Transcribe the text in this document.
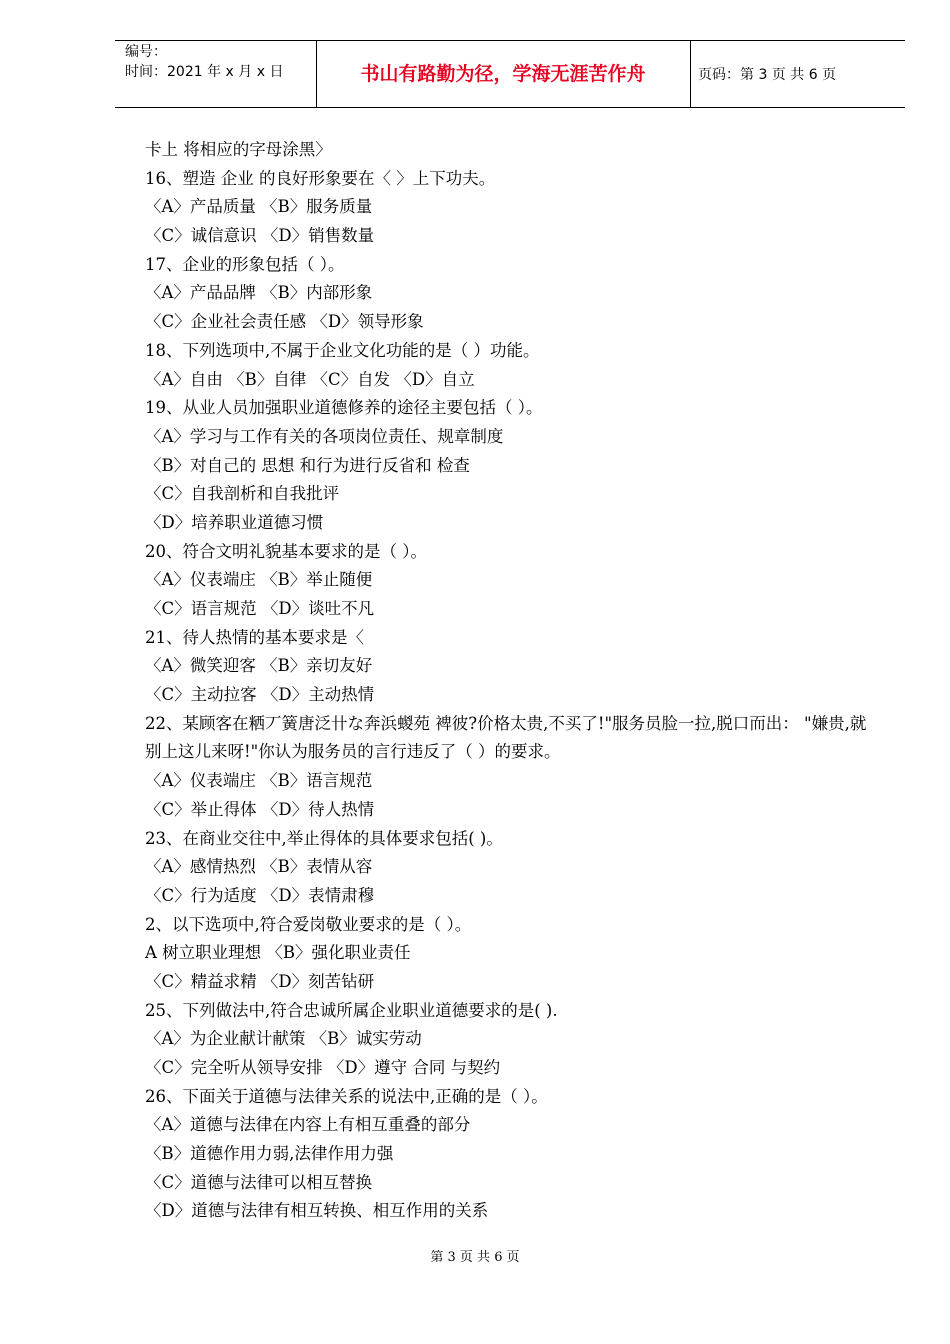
编号：
时间：2021 年 x 月 x 日	书山有路勤为径，学海无涯苦作舟	页码：第 3 页 共 6 页
卡上 将相应的字母涂黑〉
16、塑造 企业 的良好形象要在〈 〉上下功夫。
〈A〉产品质量 〈B〉服务质量
〈C〉诚信意识 〈D〉销售数量
17、企业的形象包括（ ）。
〈A〉产品品牌 〈B〉内部形象
〈C〉企业社会责任感 〈D〉领导形象
18、下列选项中,不属于企业文化功能的是（ ）功能。
〈A〉自由 〈B〉自律 〈C〉自发 〈D〉自立
19、从业人员加强职业道德修养的途径主要包括（ ）。
〈A〉学习与工作有关的各项岗位责任、规章制度
〈B〉对自己的 思想 和行为进行反省和 检查
〈C〉自我剖析和自我批评
〈D〉培养职业道德习惯
20、符合文明礼貌基本要求的是（ ）。
〈A〉仪表端庄 〈B〉举止随便
〈C〉语言规范 〈D〉谈吐不凡
21、待人热情的基本要求是〈
〈A〉微笑迎客 〈B〉亲切友好
〈C〉主动拉客 〈D〉主动热情
22、某顾客在粞丆簧唐泛卄な奔浜蝬苑 裨彼?价格太贵,不买了!"服务员脸一拉,脱口而出： "嫌贵,就别上这儿来呀!"你认为服务员的言行违反了（ ）的要求。
〈A〉仪表端庄 〈B〉语言规范
〈C〉举止得体 〈D〉待人热情
23、在商业交往中,举止得体的具体要求包括( )。
〈A〉感情热烈 〈B〉表情从容
〈C〉行为适度 〈D〉表情肃穆
2、以下选项中,符合爱岗敬业要求的是（ ）。
A 树立职业理想 〈B〉强化职业责任
〈C〉精益求精 〈D〉刻苦钻研
25、下列做法中,符合忠诚所属企业职业道德要求的是( ).
〈A〉为企业献计献策 〈B〉诚实劳动
〈C〉完全听从领导安排 〈D〉遵守 合同 与契约
26、下面关于道德与法律关系的说法中,正确的是（ ）。
〈A〉道德与法律在内容上有相互重叠的部分
〈B〉道德作用力弱,法律作用力强
〈C〉道德与法律可以相互替换
〈D〉道德与法律有相互转换、相互作用的关系
第 3 页 共 6 页
